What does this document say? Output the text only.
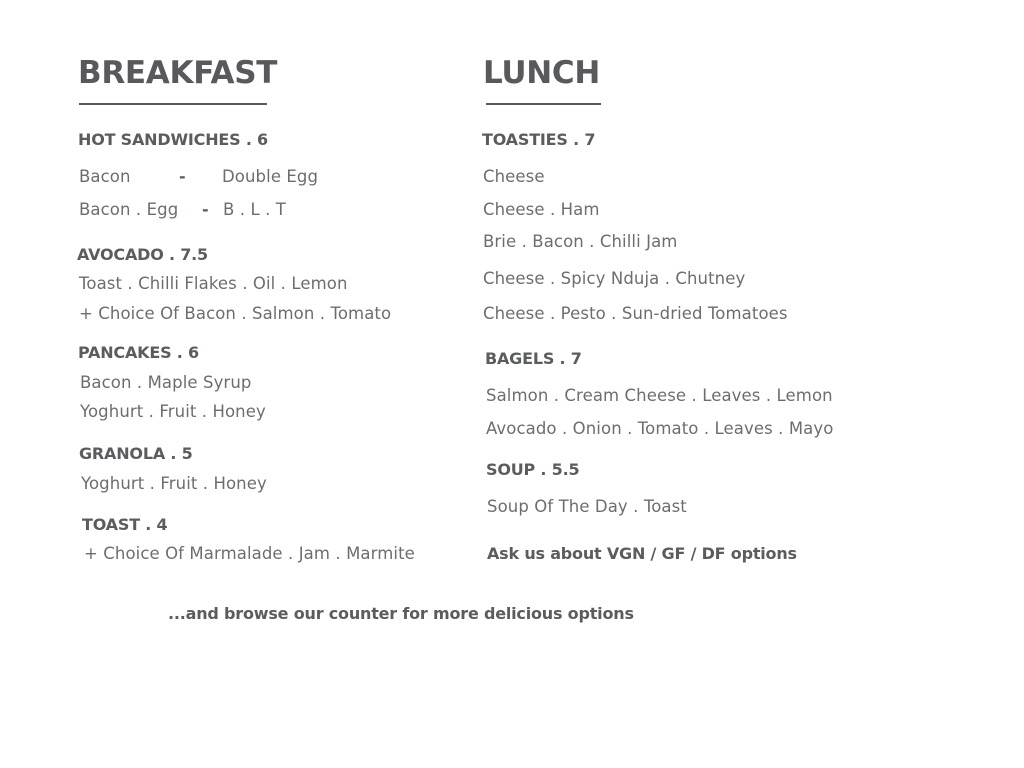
BREAKFAST
HOT SANDWICHES . 6
Bacon	- Double Egg
Bacon . Egg - B . L . T
AVOCADO . 7.5
Toast . Chilli Flakes . Oil . Lemon
+ Choice Of Bacon . Salmon . Tomato
PANCAKES . 6
Bacon . Maple Syrup
Yoghurt . Fruit . Honey
GRANOLA . 5
Yoghurt . Fruit . Honey
TOAST . 4
+ Choice Of Marmalade . Jam . Marmite
LUNCH
TOASTIES . 7
Cheese
Cheese . Ham
Brie . Bacon . Chilli Jam
Cheese . Spicy Nduja . Chutney
Cheese . Pesto . Sun-dried Tomatoes
BAGELS . 7
Salmon . Cream Cheese . Leaves . Lemon
Avocado . Onion . Tomato . Leaves . Mayo
SOUP . 5.5
Soup Of The Day . Toast
Ask us about VGN / GF / DF options
...and browse our counter for more delicious options
